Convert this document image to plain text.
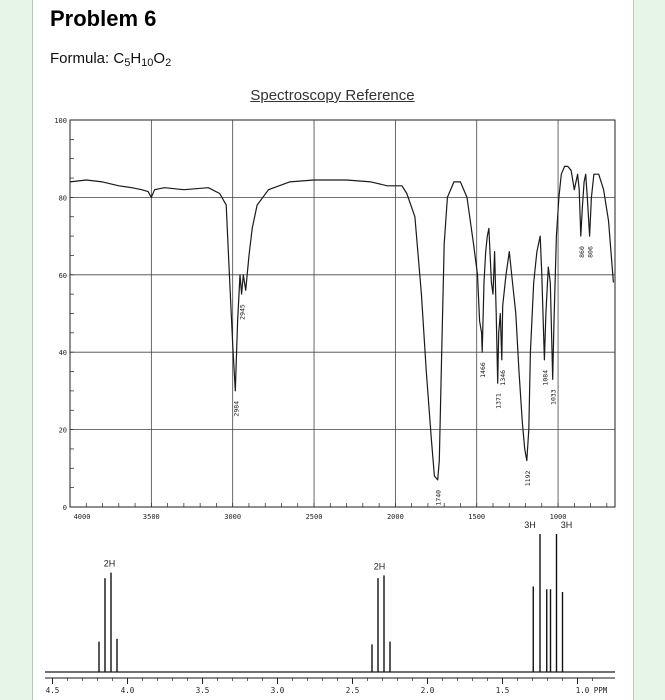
Problem 6
Formula: $C_5H_{10}O_2$
Spectroscopy Reference
4000	3500	3000	2500	2000	1500	1000
100
80
60
40
20
0
2984
2945
1740
1466
1371
1346
1192
1084
1033
860 806
4.5	4.0	3.5	3.0	2.5	2.0	1.5	1.0 PPM
2H	2H
3H	3H
